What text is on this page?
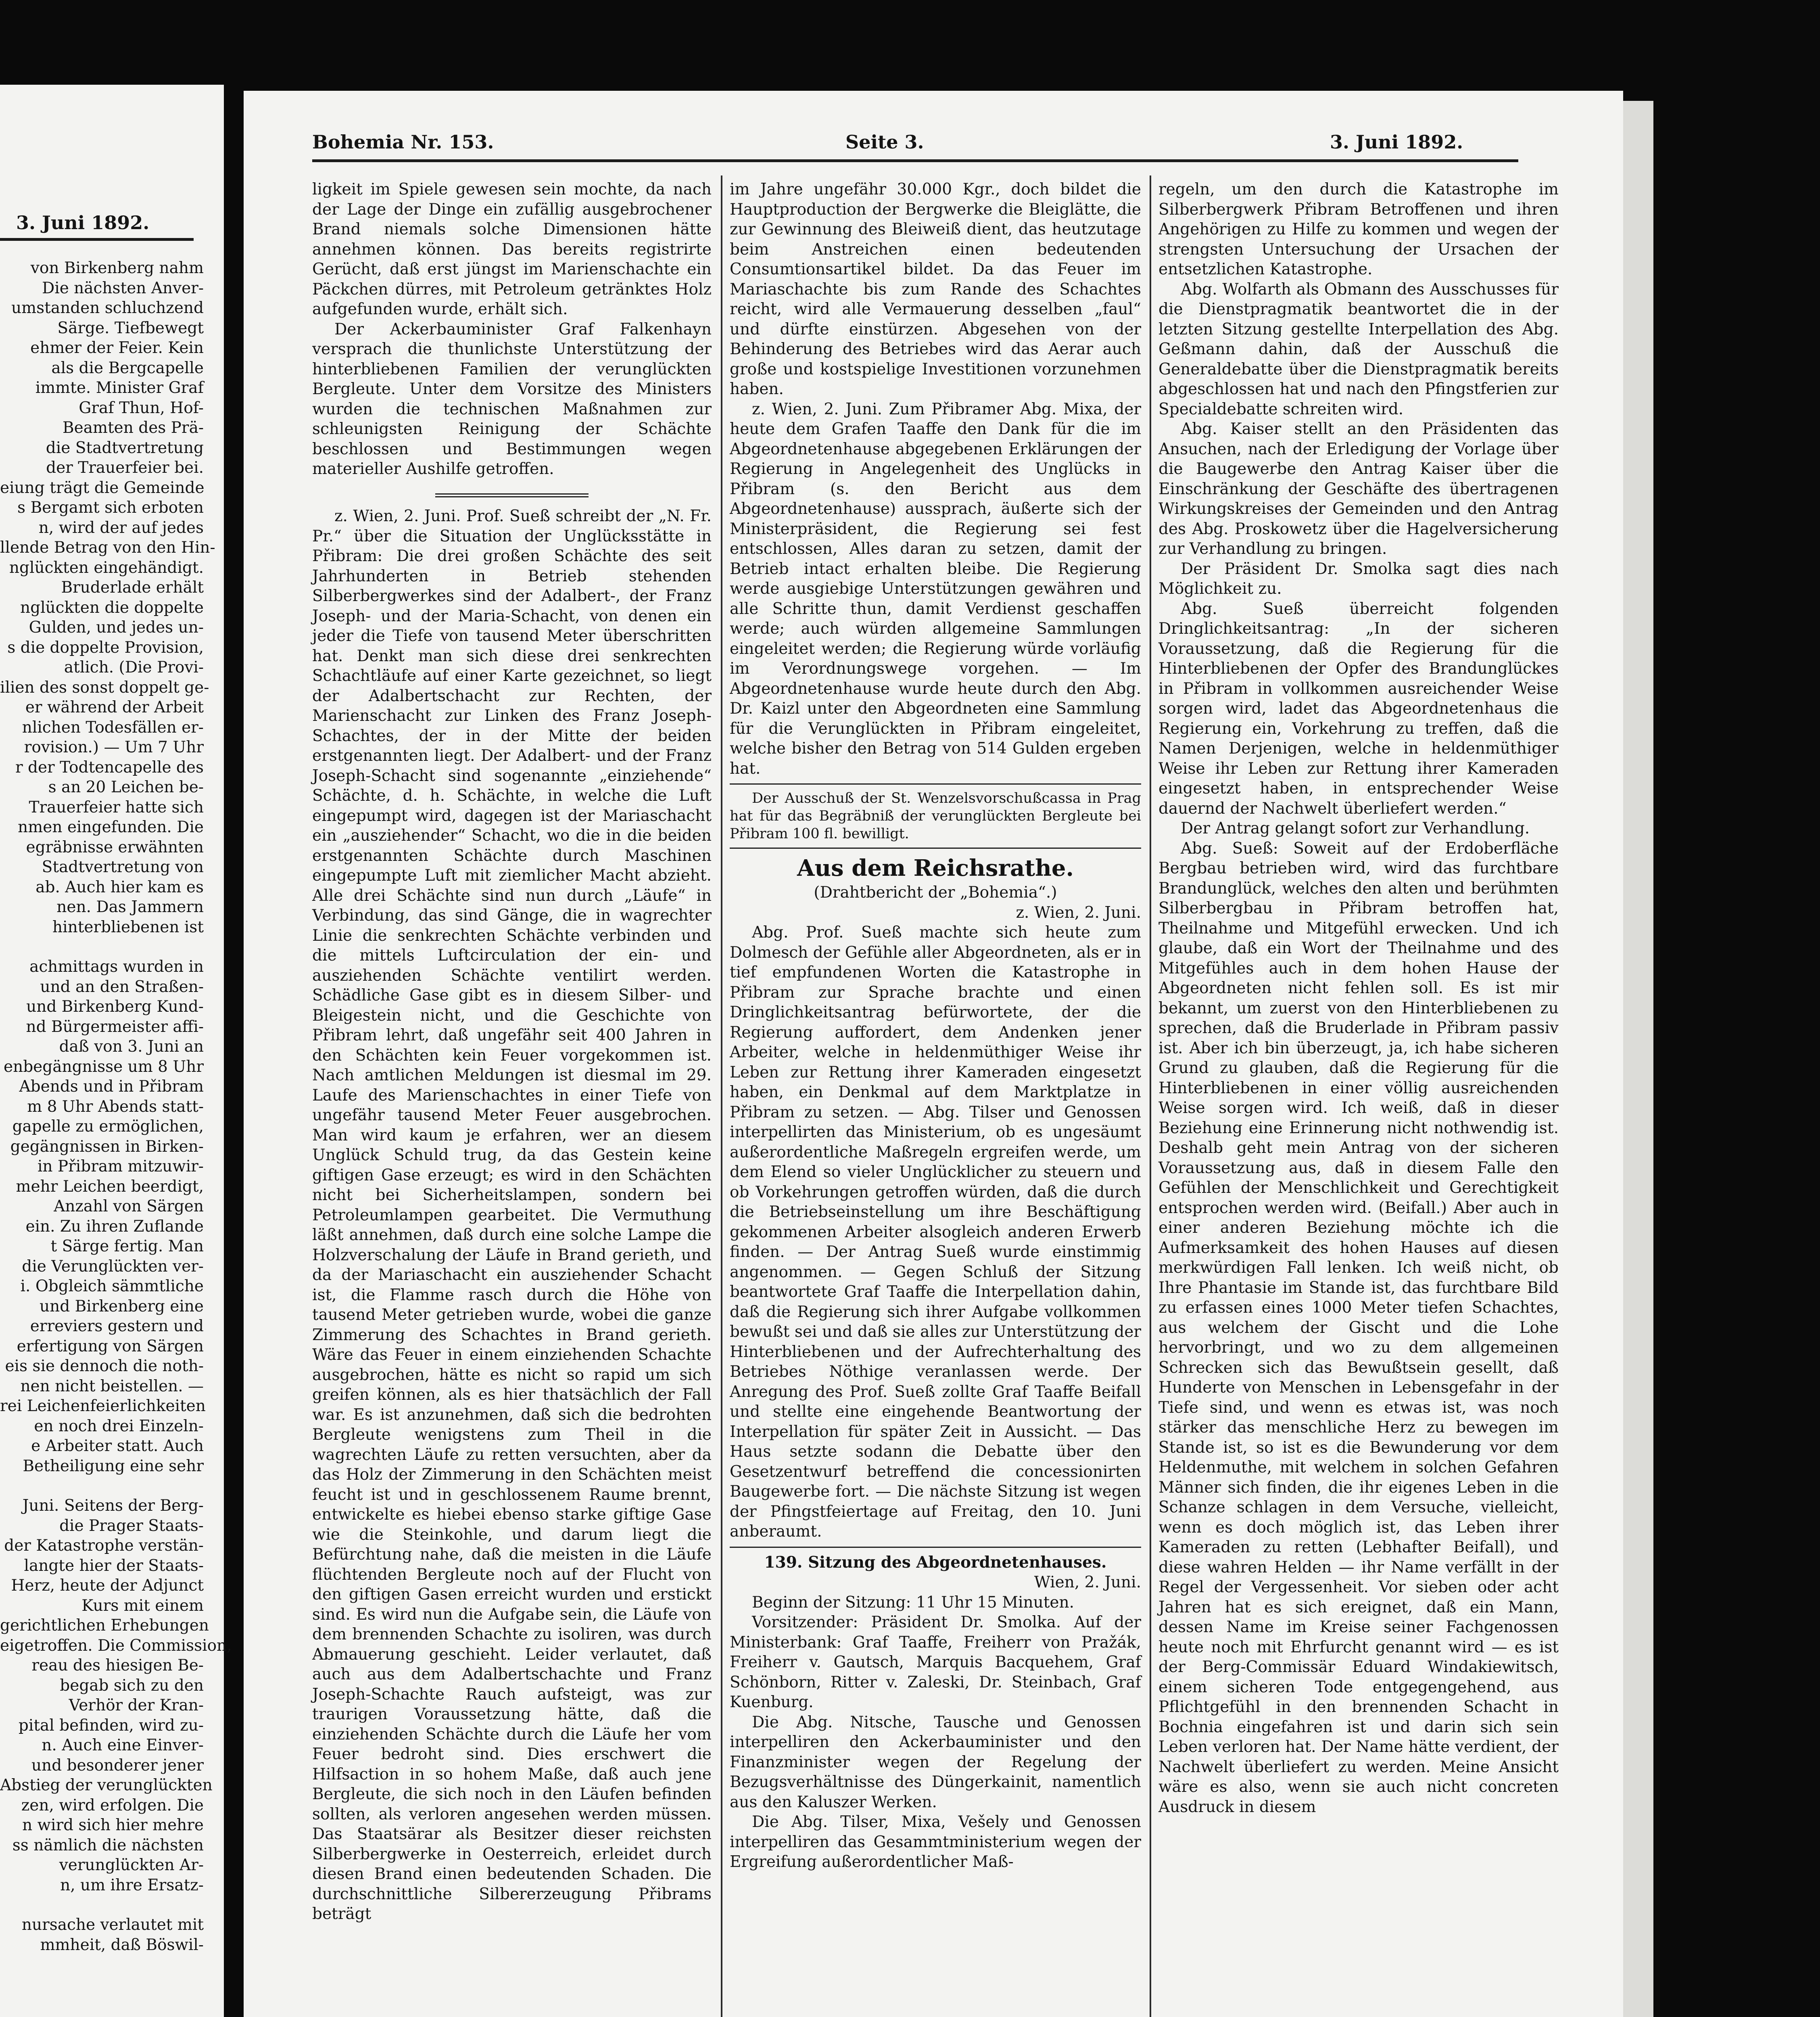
3. Juni 1892.

von Birkenberg nahm

Die nächsten Anver-

umstanden schluchzend

Särge. Tiefbewegt

ehmer der Feier. Kein

als die Bergcapelle

immte. Minister Graf

Graf Thun, Hof-

Beamten des Prä-

die Stadtvertretung

der Trauerfeier bei.

eiung trägt die Gemeinde

s Bergamt sich erboten

n, wird der auf jedes

llende Betrag von den Hin-

nglückten eingehändigt.

Bruderlade erhält

nglückten die doppelte

Gulden, und jedes un-

s die doppelte Provision,

atlich. (Die Provi-

ilien des sonst doppelt ge-

er während der Arbeit

nlichen Todesfällen er-

rovision.) — Um 7 Uhr

r der Todtencapelle des

s an 20 Leichen be-

Trauerfeier hatte sich

nmen eingefunden. Die

egräbnisse erwähnten

Stadtvertretung von

ab. Auch hier kam es

nen. Das Jammern

hinterbliebenen ist

achmittags wurden in

und an den Straßen-

und Birkenberg Kund-

nd Bürgermeister affi-

daß von 3. Juni an

enbegängnisse um 8 Uhr

Abends und in Přibram

m 8 Uhr Abends statt-

gapelle zu ermöglichen,

gegängnissen in Birken-

in Přibram mitzuwir-

mehr Leichen beerdigt,

Anzahl von Särgen

ein. Zu ihren Zuflande

t Särge fertig. Man

die Verunglückten ver-

i. Obgleich sämmtliche

und Birkenberg eine

erreviers gestern und

erfertigung von Särgen

eis sie dennoch die noth-

nen nicht beistellen. —

rei Leichenfeierlichkeiten

en noch drei Einzeln-

e Arbeiter statt. Auch

Betheiligung eine sehr

Juni. Seitens der Berg-

die Prager Staats-

der Katastrophe verstän-

langte hier der Staats-

Herz, heute der Adjunct

Kurs mit einem

gerichtlichen Erhebungen

eigetroffen. Die Commission,

reau des hiesigen Be-

begab sich zu den

Verhör der Kran-

pital befinden, wird zu-

n. Auch eine Einver-

und besonderer jener

Abstieg der verunglückten

zen, wird erfolgen. Die

n wird sich hier mehre

ss nämlich die nächsten

verunglückten Ar-

n, um ihre Ersatz-

nursache verlautet mit

mmheit, daß Böswil-

Bohemia Nr. 153.	Seite 3.	3. Juni 1892.

ligkeit im Spiele gewesen sein mochte, da nach der Lage der Dinge ein zufällig ausgebrochener Brand niemals solche Dimensionen hätte annehmen können. Das bereits registrirte Gerücht, daß erst jüngst im Marienschachte ein Päckchen dürres, mit Petroleum getränktes Holz aufgefunden wurde, erhält sich.

Der Ackerbauminister Graf Falkenhayn versprach die thunlichste Unterstützung der hinterbliebenen Familien der verunglückten Bergleute. Unter dem Vorsitze des Ministers wurden die technischen Maßnahmen zur schleunigsten Reinigung der Schächte beschlossen und Bestimmungen wegen materieller Aushilfe getroffen.

z. Wien, 2. Juni. Prof. Sueß schreibt der „N. Fr. Pr.“ über die Situation der Unglücksstätte in Přibram: Die drei großen Schächte des seit Jahrhunderten in Betrieb stehenden Silberbergwerkes sind der Adalbert-, der Franz Joseph- und der Maria-Schacht, von denen ein jeder die Tiefe von tausend Meter überschritten hat. Denkt man sich diese drei senkrechten Schachtläufe auf einer Karte gezeichnet, so liegt der Adalbertschacht zur Rechten, der Marienschacht zur Linken des Franz Joseph-Schachtes, der in der Mitte der beiden erstgenannten liegt. Der Adalbert- und der Franz Joseph-Schacht sind sogenannte „einziehende“ Schächte, d. h. Schächte, in welche die Luft eingepumpt wird, dagegen ist der Mariaschacht ein „ausziehender“ Schacht, wo die in die beiden erstgenannten Schächte durch Maschinen eingepumpte Luft mit ziemlicher Macht abzieht. Alle drei Schächte sind nun durch „Läufe“ in Verbindung, das sind Gänge, die in wagrechter Linie die senkrechten Schächte verbinden und die mittels Luftcirculation der ein- und ausziehenden Schächte ventilirt werden. Schädliche Gase gibt es in diesem Silber- und Bleigestein nicht, und die Geschichte von Přibram lehrt, daß ungefähr seit 400 Jahren in den Schächten kein Feuer vorgekommen ist. Nach amtlichen Meldungen ist diesmal im 29. Laufe des Marienschachtes in einer Tiefe von ungefähr tausend Meter Feuer ausgebrochen. Man wird kaum je erfahren, wer an diesem Unglück Schuld trug, da das Gestein keine giftigen Gase erzeugt; es wird in den Schächten nicht bei Sicherheitslampen, sondern bei Petroleumlampen gearbeitet. Die Vermuthung läßt annehmen, daß durch eine solche Lampe die Holzverschalung der Läufe in Brand gerieth, und da der Mariaschacht ein ausziehender Schacht ist, die Flamme rasch durch die Höhe von tausend Meter getrieben wurde, wobei die ganze Zimmerung des Schachtes in Brand gerieth. Wäre das Feuer in einem einziehenden Schachte ausgebrochen, hätte es nicht so rapid um sich greifen können, als es hier thatsächlich der Fall war. Es ist anzunehmen, daß sich die bedrohten Bergleute wenigstens zum Theil in die wagrechten Läufe zu retten versuchten, aber da das Holz der Zimmerung in den Schächten meist feucht ist und in geschlossenem Raume brennt, entwickelte es hiebei ebenso starke giftige Gase wie die Steinkohle, und darum liegt die Befürchtung nahe, daß die meisten in die Läufe flüchtenden Bergleute noch auf der Flucht von den giftigen Gasen erreicht wurden und erstickt sind. Es wird nun die Aufgabe sein, die Läufe von dem brennenden Schachte zu isoliren, was durch Abmauerung geschieht. Leider verlautet, daß auch aus dem Adalbertschachte und Franz Joseph-Schachte Rauch aufsteigt, was zur traurigen Voraussetzung hätte, daß die einziehenden Schächte durch die Läufe her vom Feuer bedroht sind. Dies erschwert die Hilfsaction in so hohem Maße, daß auch jene Bergleute, die sich noch in den Läufen befinden sollten, als verloren angesehen werden müssen. Das Staatsärar als Besitzer dieser reichsten Silberbergwerke in Oesterreich, erleidet durch diesen Brand einen bedeutenden Schaden. Die durchschnittliche Silbererzeugung Přibrams beträgt

im Jahre ungefähr 30.000 Kgr., doch bildet die Hauptproduction der Bergwerke die Bleiglätte, die zur Gewinnung des Bleiweiß dient, das heutzutage beim Anstreichen einen bedeutenden Consumtionsartikel bildet. Da das Feuer im Mariaschachte bis zum Rande des Schachtes reicht, wird alle Vermauerung desselben „faul“ und dürfte einstürzen. Abgesehen von der Behinderung des Betriebes wird das Aerar auch große und kostspielige Investitionen vorzunehmen haben.

z. Wien, 2. Juni. Zum Přibramer Abg. Mixa, der heute dem Grafen Taaffe den Dank für die im Abgeordnetenhause abgegebenen Erklärungen der Regierung in Angelegenheit des Unglücks in Přibram (s. den Bericht aus dem Abgeordnetenhause) aussprach, äußerte sich der Ministerpräsident, die Regierung sei fest entschlossen, Alles daran zu setzen, damit der Betrieb intact erhalten bleibe. Die Regierung werde ausgiebige Unterstützungen gewähren und alle Schritte thun, damit Verdienst geschaffen werde; auch würden allgemeine Sammlungen eingeleitet werden; die Regierung würde vorläufig im Verordnungswege vorgehen. — Im Abgeordnetenhause wurde heute durch den Abg. Dr. Kaizl unter den Abgeordneten eine Sammlung für die Verunglückten in Přibram eingeleitet, welche bisher den Betrag von 514 Gulden ergeben hat.

Der Ausschuß der St. Wenzelsvorschußcassa in Prag hat für das Begräbniß der verunglückten Bergleute bei Přibram 100 fl. bewilligt.

Aus dem Reichsrathe.

(Drahtbericht der „Bohemia“.)

z. Wien, 2. Juni.

Abg. Prof. Sueß machte sich heute zum Dolmesch der Gefühle aller Abgeordneten, als er in tief empfundenen Worten die Katastrophe in Přibram zur Sprache brachte und einen Dringlichkeitsantrag befürwortete, der die Regierung auffordert, dem Andenken jener Arbeiter, welche in heldenmüthiger Weise ihr Leben zur Rettung ihrer Kameraden eingesetzt haben, ein Denkmal auf dem Marktplatze in Přibram zu setzen. — Abg. Tilser und Genossen interpellirten das Ministerium, ob es ungesäumt außerordentliche Maßregeln ergreifen werde, um dem Elend so vieler Unglücklicher zu steuern und ob Vorkehrungen getroffen würden, daß die durch die Betriebseinstellung um ihre Beschäftigung gekommenen Arbeiter alsogleich anderen Erwerb finden. — Der Antrag Sueß wurde einstimmig angenommen. — Gegen Schluß der Sitzung beantwortete Graf Taaffe die Interpellation dahin, daß die Regierung sich ihrer Aufgabe vollkommen bewußt sei und daß sie alles zur Unterstützung der Hinterbliebenen und der Aufrechterhaltung des Betriebes Nöthige veranlassen werde. Der Anregung des Prof. Sueß zollte Graf Taaffe Beifall und stellte eine eingehende Beantwortung der Interpellation für später Zeit in Aussicht. — Das Haus setzte sodann die Debatte über den Gesetzentwurf betreffend die concessionirten Baugewerbe fort. — Die nächste Sitzung ist wegen der Pfingstfeiertage auf Freitag, den 10. Juni anberaumt.

139. Sitzung des Abgeordnetenhauses.

Wien, 2. Juni.

Beginn der Sitzung: 11 Uhr 15 Minuten.

Vorsitzender: Präsident Dr. Smolka. Auf der Ministerbank: Graf Taaffe, Freiherr von Pražák, Freiherr v. Gautsch, Marquis Bacquehem, Graf Schönborn, Ritter v. Zaleski, Dr. Steinbach, Graf Kuenburg.

Die Abg. Nitsche, Tausche und Genossen interpelliren den Ackerbauminister und den Finanzminister wegen der Regelung der Bezugsverhältnisse des Düngerkainit, namentlich aus den Kaluszer Werken.

Die Abg. Tilser, Mixa, Vešely und Genossen interpelliren das Gesammtministerium wegen der Ergreifung außerordentlicher Maß-

regeln, um den durch die Katastrophe im Silberbergwerk Přibram Betroffenen und ihren Angehörigen zu Hilfe zu kommen und wegen der strengsten Untersuchung der Ursachen der entsetzlichen Katastrophe.

Abg. Wolfarth als Obmann des Ausschusses für die Dienstpragmatik beantwortet die in der letzten Sitzung gestellte Interpellation des Abg. Geßmann dahin, daß der Ausschuß die Generaldebatte über die Dienstpragmatik bereits abgeschlossen hat und nach den Pfingstferien zur Specialdebatte schreiten wird.

Abg. Kaiser stellt an den Präsidenten das Ansuchen, nach der Erledigung der Vorlage über die Baugewerbe den Antrag Kaiser über die Einschränkung der Geschäfte des übertragenen Wirkungskreises der Gemeinden und den Antrag des Abg. Proskowetz über die Hagelversicherung zur Verhandlung zu bringen.

Der Präsident Dr. Smolka sagt dies nach Möglichkeit zu.

Abg. Sueß überreicht folgenden Dringlichkeitsantrag: „In der sicheren Voraussetzung, daß die Regierung für die Hinterbliebenen der Opfer des Brandunglückes in Přibram in vollkommen ausreichender Weise sorgen wird, ladet das Abgeordnetenhaus die Regierung ein, Vorkehrung zu treffen, daß die Namen Derjenigen, welche in heldenmüthiger Weise ihr Leben zur Rettung ihrer Kameraden eingesetzt haben, in entsprechender Weise dauernd der Nachwelt überliefert werden.“

Der Antrag gelangt sofort zur Verhandlung.

Abg. Sueß: Soweit auf der Erdoberfläche Bergbau betrieben wird, wird das furchtbare Brandunglück, welches den alten und berühmten Silberbergbau in Přibram betroffen hat, Theilnahme und Mitgefühl erwecken. Und ich glaube, daß ein Wort der Theilnahme und des Mitgefühles auch in dem hohen Hause der Abgeordneten nicht fehlen soll. Es ist mir bekannt, um zuerst von den Hinterbliebenen zu sprechen, daß die Bruderlade in Přibram passiv ist. Aber ich bin überzeugt, ja, ich habe sicheren Grund zu glauben, daß die Regierung für die Hinterbliebenen in einer völlig ausreichenden Weise sorgen wird. Ich weiß, daß in dieser Beziehung eine Erinnerung nicht nothwendig ist. Deshalb geht mein Antrag von der sicheren Voraussetzung aus, daß in diesem Falle den Gefühlen der Menschlichkeit und Gerechtigkeit entsprochen werden wird. (Beifall.) Aber auch in einer anderen Beziehung möchte ich die Aufmerksamkeit des hohen Hauses auf diesen merkwürdigen Fall lenken. Ich weiß nicht, ob Ihre Phantasie im Stande ist, das furchtbare Bild zu erfassen eines 1000 Meter tiefen Schachtes, aus welchem der Gischt und die Lohe hervorbringt, und wo zu dem allgemeinen Schrecken sich das Bewußtsein gesellt, daß Hunderte von Menschen in Lebensgefahr in der Tiefe sind, und wenn es etwas ist, was noch stärker das menschliche Herz zu bewegen im Stande ist, so ist es die Bewunderung vor dem Heldenmuthe, mit welchem in solchen Gefahren Männer sich finden, die ihr eigenes Leben in die Schanze schlagen in dem Versuche, vielleicht, wenn es doch möglich ist, das Leben ihrer Kameraden zu retten (Lebhafter Beifall), und diese wahren Helden — ihr Name verfällt in der Regel der Vergessenheit. Vor sieben oder acht Jahren hat es sich ereignet, daß ein Mann, dessen Name im Kreise seiner Fachgenossen heute noch mit Ehrfurcht genannt wird — es ist der Berg-Commissär Eduard Windakiewitsch, einem sicheren Tode entgegengehend, aus Pflichtgefühl in den brennenden Schacht in Bochnia eingefahren ist und darin sich sein Leben verloren hat. Der Name hätte verdient, der Nachwelt überliefert zu werden. Meine Ansicht wäre es also, wenn sie auch nicht concreten Ausdruck in diesem
